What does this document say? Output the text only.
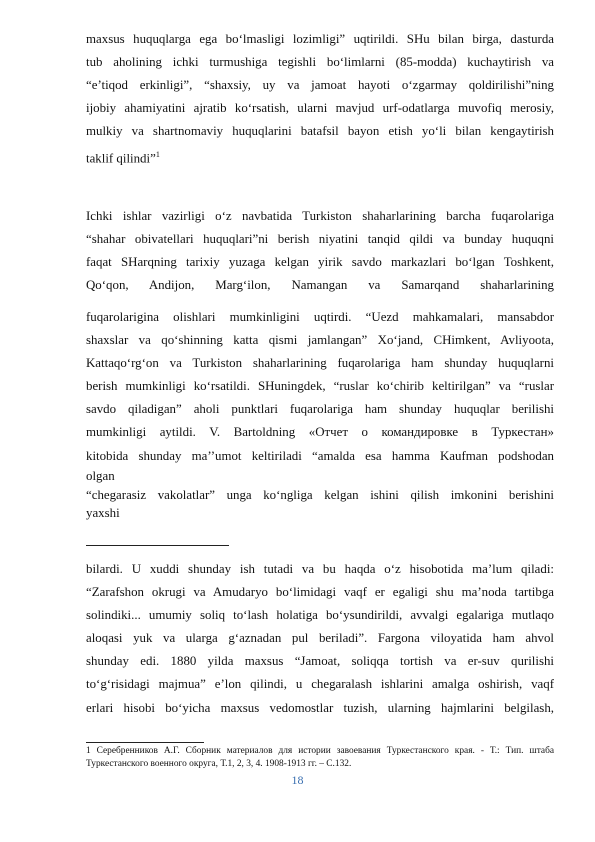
maxsus huquqlarga ega bo‘lmasligi lozimligi” uqtirildi. SHu bilan birga, dasturda
tub aholining ichki turmushiga tegishli bo‘limlarni (85-modda) kuchaytirish va
“e’tiqod erkinligi”, “shaxsiy, uy va jamoat hayoti o‘zgarmay qoldirilishi”ning
ijobiy ahamiyatini ajratib ko‘rsatish, ularni mavjud urf-odatlarga muvofiq merosiy,
mulkiy va shartnomaviy huquqlarini batafsil bayon etish yo‘li bilan kengaytirish
taklif qilindi”$^1$
Ichki ishlar vazirligi o‘z navbatida Turkiston shaharlarining barcha fuqarolariga
“shahar obivatellari huquqlari”ni berish niyatini tanqid qildi va bunday huquqni
faqat SHarqning tarixiy yuzaga kelgan yirik savdo markazlari bo‘lgan Toshkent,
Qo‘qon, Andijon, Marg‘ilon, Namangan va Samarqand shaharlarining
fuqarolarigina olishlari mumkinligini uqtirdi. “Uezd mahkamalari, mansabdor
shaxslar va qo‘shinning katta qismi jamlangan” Xo‘jand, CHimkent, Avliyoota,
Kattaqo‘rg‘on va Turkiston shaharlarining fuqarolariga ham shunday huquqlarni
berish mumkinligi ko‘rsatildi. SHuningdek, “ruslar ko‘chirib keltirilgan” va “ruslar
savdo qiladigan” aholi punktlari fuqarolariga ham shunday huquqlar berilishi
mumkinligi aytildi. V. Bartoldning «Отчет о командировке в Туркестан»
kitobida shunday ma’’umot keltiriladi “amalda esa hamma Kaufman podshodan
olgan
“chegarasiz vakolatlar” unga ko‘ngliga kelgan ishini qilish imkonini berishini
yaxshi
bilardi. U xuddi shunday ish tutadi va bu haqda o‘z hisobotida ma’lum qiladi:
“Zarafshon okrugi va Amudaryo bo‘limidagi vaqf er egaligi shu ma’noda tartibga
solindiki... umumiy soliq to‘lash holatiga bo‘ysundirildi, avvalgi egalariga mutlaqo
aloqasi yuk va ularga g‘aznadan pul beriladi”. Fargona viloyatida ham ahvol
shunday edi. 1880 yilda maxsus “Jamoat, soliqqa tortish va er-suv qurilishi
to‘g‘risidagi majmua” e’lon qilindi, u chegaralash ishlarini amalga oshirish, vaqf
erlari hisobi bo‘yicha maxsus vedomostlar tuzish, ularning hajmlarini belgilash,
1 Серебренников А.Г. Сборник материалов для истории завоевания Туркестанского края. - Т.: Тип. штаба
Туркестанского военного округа, Т.1, 2, 3, 4. 1908-1913 гг. – С.132.
18
